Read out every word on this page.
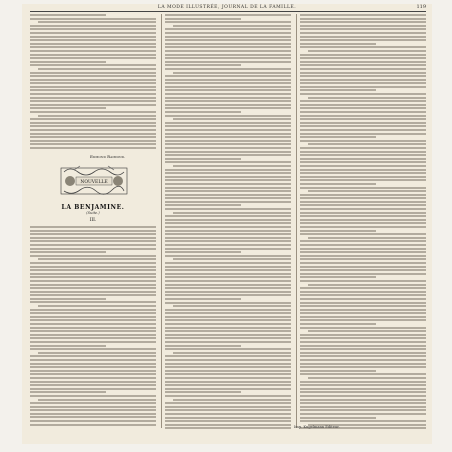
LA MODE ILLUSTRÉE, JOURNAL DE LA FAMILLE.	119
Edmond Raimond.
NOUVELLE
LA BENJAMINE.
(Suite.)
III.
Imp. Kugelmann Editeur.
